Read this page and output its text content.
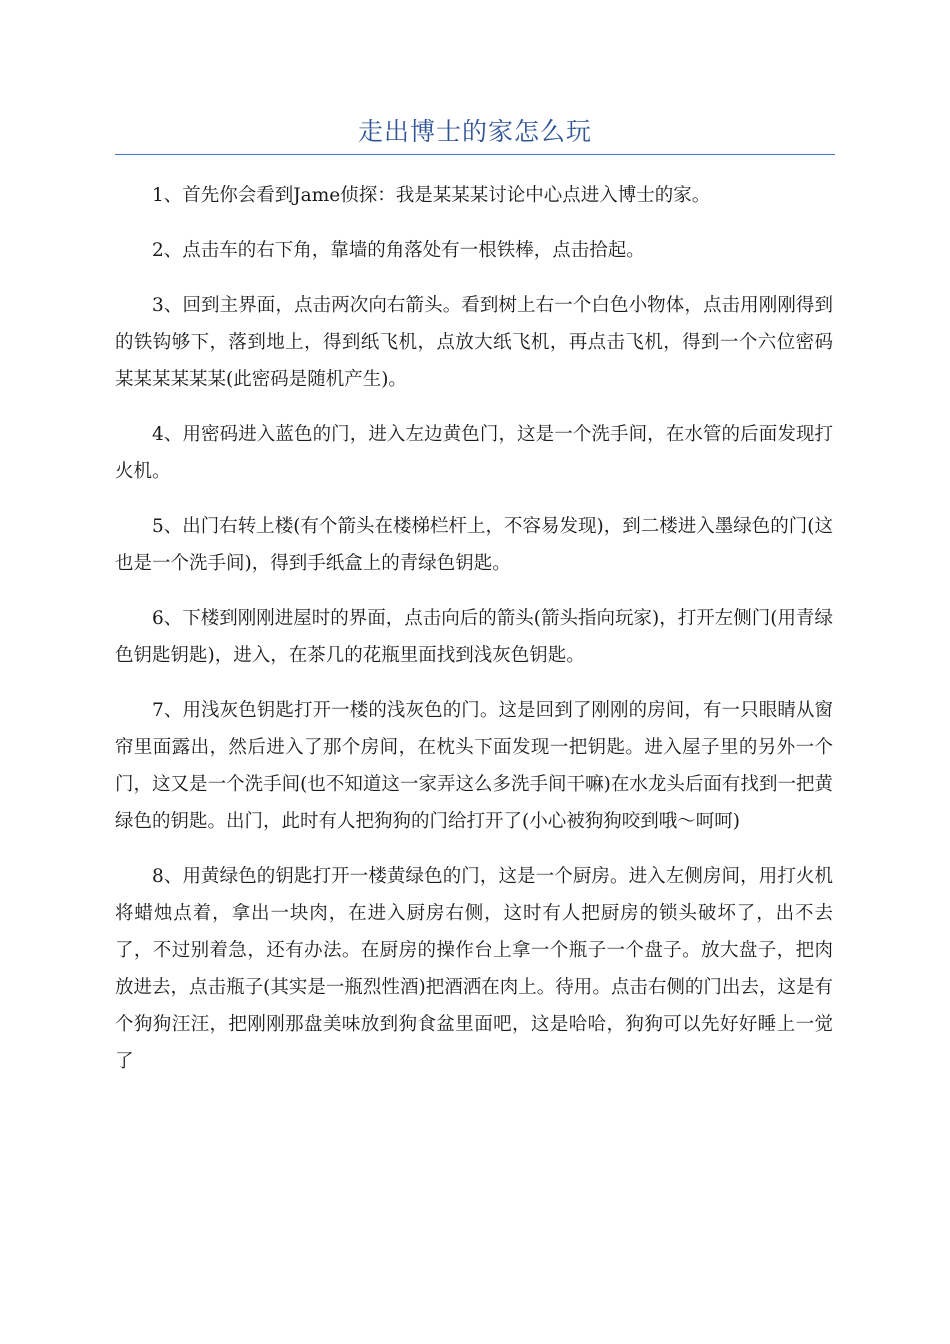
走出博士的家怎么玩

1、首先你会看到Jame侦探：我是某某某讨论中心点进入博士的家。

2、点击车的右下角，靠墙的角落处有一根铁棒，点击拾起。

3、回到主界面，点击两次向右箭头。看到树上右一个白色小物体，点击用刚刚得到的铁钩够下，落到地上，得到纸飞机，点放大纸飞机，再点击飞机，得到一个六位密码某某某某某某(此密码是随机产生)。

4、用密码进入蓝色的门，进入左边黄色门，这是一个洗手间，在水管的后面发现打火机。

5、出门右转上楼(有个箭头在楼梯栏杆上，不容易发现)，到二楼进入墨绿色的门(这也是一个洗手间)，得到手纸盒上的青绿色钥匙。

6、下楼到刚刚进屋时的界面，点击向后的箭头(箭头指向玩家)，打开左侧门(用青绿色钥匙钥匙)，进入，在茶几的花瓶里面找到浅灰色钥匙。

7、用浅灰色钥匙打开一楼的浅灰色的门。这是回到了刚刚的房间，有一只眼睛从窗帘里面露出，然后进入了那个房间，在枕头下面发现一把钥匙。进入屋子里的另外一个门，这又是一个洗手间(也不知道这一家弄这么多洗手间干嘛)在水龙头后面有找到一把黄绿色的钥匙。出门，此时有人把狗狗的门给打开了(小心被狗狗咬到哦～呵呵)

8、用黄绿色的钥匙打开一楼黄绿色的门，这是一个厨房。进入左侧房间，用打火机将蜡烛点着，拿出一块肉，在进入厨房右侧，这时有人把厨房的锁头破坏了，出不去了，不过别着急，还有办法。在厨房的操作台上拿一个瓶子一个盘子。放大盘子，把肉放进去，点击瓶子(其实是一瓶烈性酒)把酒洒在肉上。待用。点击右侧的门出去，这是有个狗狗汪汪，把刚刚那盘美味放到狗食盆里面吧，这是哈哈，狗狗可以先好好睡上一觉了
